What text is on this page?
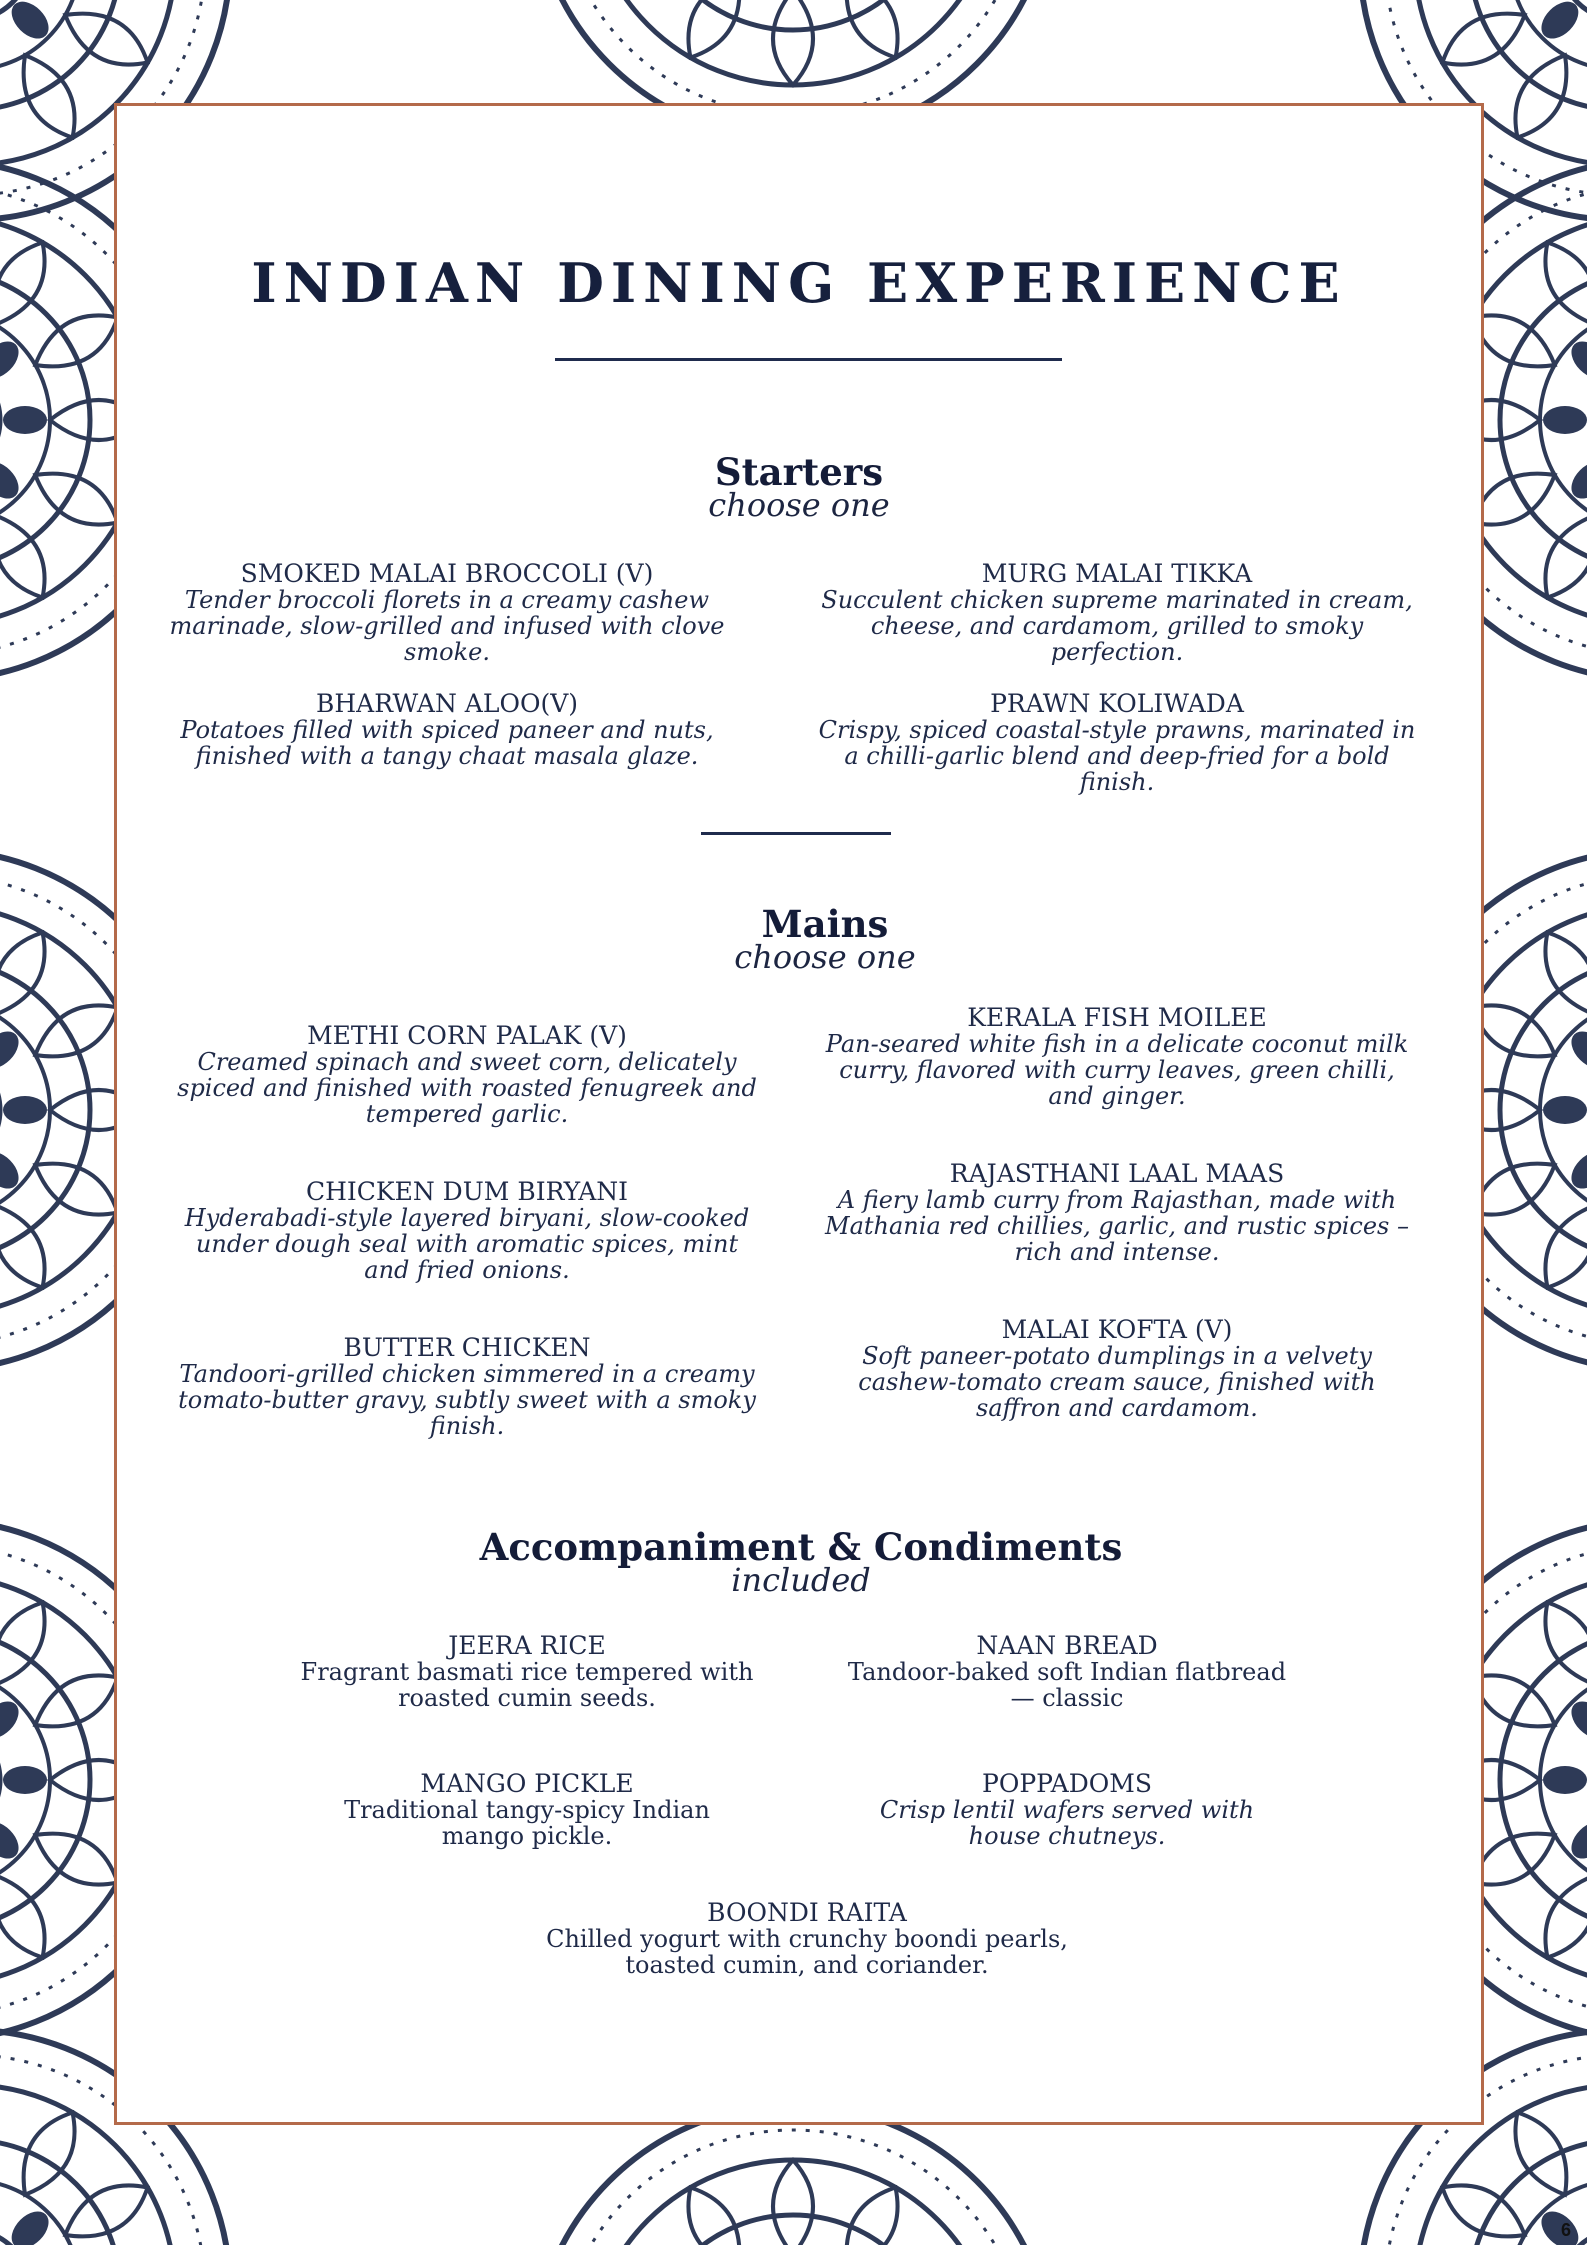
INDIAN DINING EXPERIENCE
Starters
choose one
SMOKED MALAI BROCCOLI (V)
Tender broccoli florets in a creamy cashew marinade, slow-grilled and infused with clove smoke.
MURG MALAI TIKKA
Succulent chicken supreme marinated in cream, cheese, and cardamom, grilled to smoky perfection.
BHARWAN ALOO(V)
Potatoes filled with spiced paneer and nuts, finished with a tangy chaat masala glaze.
PRAWN KOLIWADA
Crispy, spiced coastal-style prawns, marinated in a chilli-garlic blend and deep-fried for a bold finish.
Mains
choose one
METHI CORN PALAK (V)
Creamed spinach and sweet corn, delicately spiced and finished with roasted fenugreek and tempered garlic.
KERALA FISH MOILEE
Pan-seared white fish in a delicate coconut milk curry, flavored with curry leaves, green chilli, and ginger.
CHICKEN DUM BIRYANI
Hyderabadi-style layered biryani, slow-cooked under dough seal with aromatic spices, mint and fried onions.
RAJASTHANI LAAL MAAS
A fiery lamb curry from Rajasthan, made with Mathania red chillies, garlic, and rustic spices – rich and intense.
BUTTER CHICKEN
Tandoori-grilled chicken simmered in a creamy tomato-butter gravy, subtly sweet with a smoky finish.
MALAI KOFTA (V)
Soft paneer-potato dumplings in a velvety cashew-tomato cream sauce, finished with saffron and cardamom.
Accompaniment & Condiments
included
JEERA RICE
Fragrant basmati rice tempered with roasted cumin seeds.
NAAN BREAD
Tandoor-baked soft Indian flatbread — classic
MANGO PICKLE
Traditional tangy-spicy Indian mango pickle.
POPPADOMS
Crisp lentil wafers served with house chutneys.
BOONDI RAITA
Chilled yogurt with crunchy boondi pearls, toasted cumin, and coriander.
6
